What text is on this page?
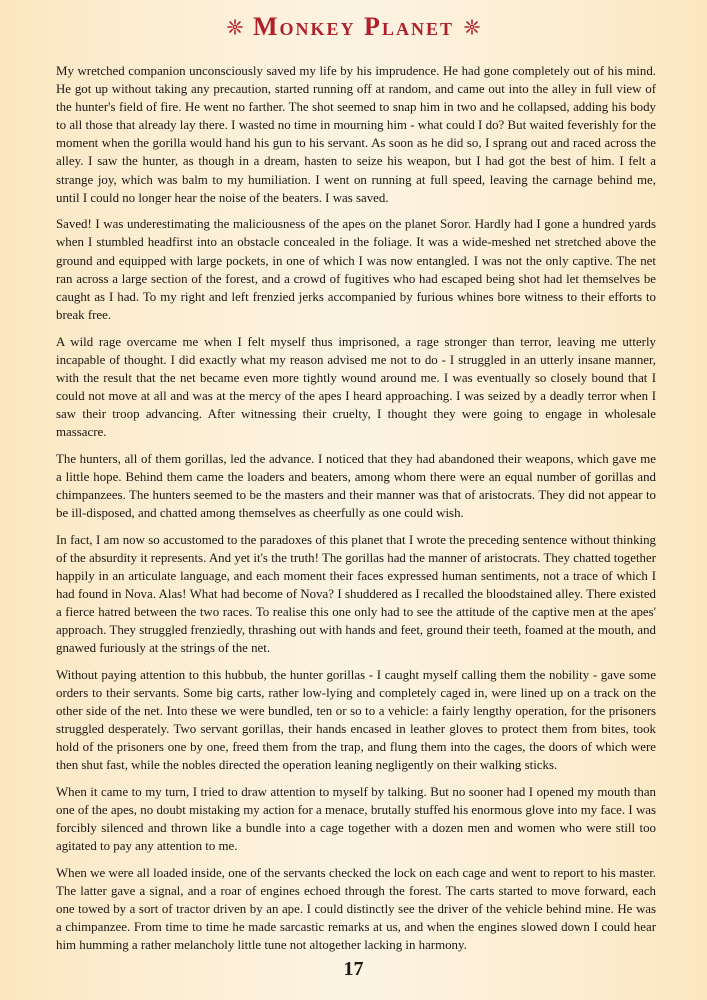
Monkey Planet

My wretched companion unconsciously saved my life by his imprudence. He had gone completely out of his mind. He got up without taking any precaution, started running off at random, and came out into the alley in full view of the hunter's field of fire. He went no farther. The shot seemed to snap him in two and he collapsed, adding his body to all those that already lay there. I wasted no time in mourning him - what could I do? But waited feverishly for the moment when the gorilla would hand his gun to his servant. As soon as he did so, I sprang out and raced across the alley. I saw the hunter, as though in a dream, hasten to seize his weapon, but I had got the best of him. I felt a strange joy, which was balm to my humiliation. I went on running at full speed, leaving the carnage behind me, until I could no longer hear the noise of the beaters. I was saved.

Saved! I was underestimating the maliciousness of the apes on the planet Soror. Hardly had I gone a hundred yards when I stumbled headfirst into an obstacle concealed in the foliage. It was a wide-meshed net stretched above the ground and equipped with large pockets, in one of which I was now entangled. I was not the only captive. The net ran across a large section of the forest, and a crowd of fugitives who had escaped being shot had let themselves be caught as I had. To my right and left frenzied jerks accompanied by furious whines bore witness to their efforts to break free.

A wild rage overcame me when I felt myself thus imprisoned, a rage stronger than terror, leaving me utterly incapable of thought. I did exactly what my reason advised me not to do - I struggled in an utterly insane manner, with the result that the net became even more tightly wound around me. I was eventually so closely bound that I could not move at all and was at the mercy of the apes I heard approaching. I was seized by a deadly terror when I saw their troop advancing. After witnessing their cruelty, I thought they were going to engage in wholesale massacre.

The hunters, all of them gorillas, led the advance. I noticed that they had abandoned their weapons, which gave me a little hope. Behind them came the loaders and beaters, among whom there were an equal number of gorillas and chimpanzees. The hunters seemed to be the masters and their manner was that of aristocrats. They did not appear to be ill-disposed, and chatted among themselves as cheerfully as one could wish.

In fact, I am now so accustomed to the paradoxes of this planet that I wrote the preceding sentence without thinking of the absurdity it represents. And yet it's the truth! The gorillas had the manner of aristocrats. They chatted together happily in an articulate language, and each moment their faces expressed human sentiments, not a trace of which I had found in Nova. Alas! What had become of Nova? I shuddered as I recalled the bloodstained alley. There existed a fierce hatred between the two races. To realise this one only had to see the attitude of the captive men at the apes' approach. They struggled frenziedly, thrashing out with hands and feet, ground their teeth, foamed at the mouth, and gnawed furiously at the strings of the net.

Without paying attention to this hubbub, the hunter gorillas - I caught myself calling them the nobility - gave some orders to their servants. Some big carts, rather low-lying and completely caged in, were lined up on a track on the other side of the net. Into these we were bundled, ten or so to a vehicle: a fairly lengthy operation, for the prisoners struggled desperately. Two servant gorillas, their hands encased in leather gloves to protect them from bites, took hold of the prisoners one by one, freed them from the trap, and flung them into the cages, the doors of which were then shut fast, while the nobles directed the operation leaning negligently on their walking sticks.

When it came to my turn, I tried to draw attention to myself by talking. But no sooner had I opened my mouth than one of the apes, no doubt mistaking my action for a menace, brutally stuffed his enormous glove into my face. I was forcibly silenced and thrown like a bundle into a cage together with a dozen men and women who were still too agitated to pay any attention to me.

When we were all loaded inside, one of the servants checked the lock on each cage and went to report to his master. The latter gave a signal, and a roar of engines echoed through the forest. The carts started to move forward, each one towed by a sort of tractor driven by an ape. I could distinctly see the driver of the vehicle behind mine. He was a chimpanzee. From time to time he made sarcastic remarks at us, and when the engines slowed down I could hear him humming a rather melancholy little tune not altogether lacking in harmony.

17
